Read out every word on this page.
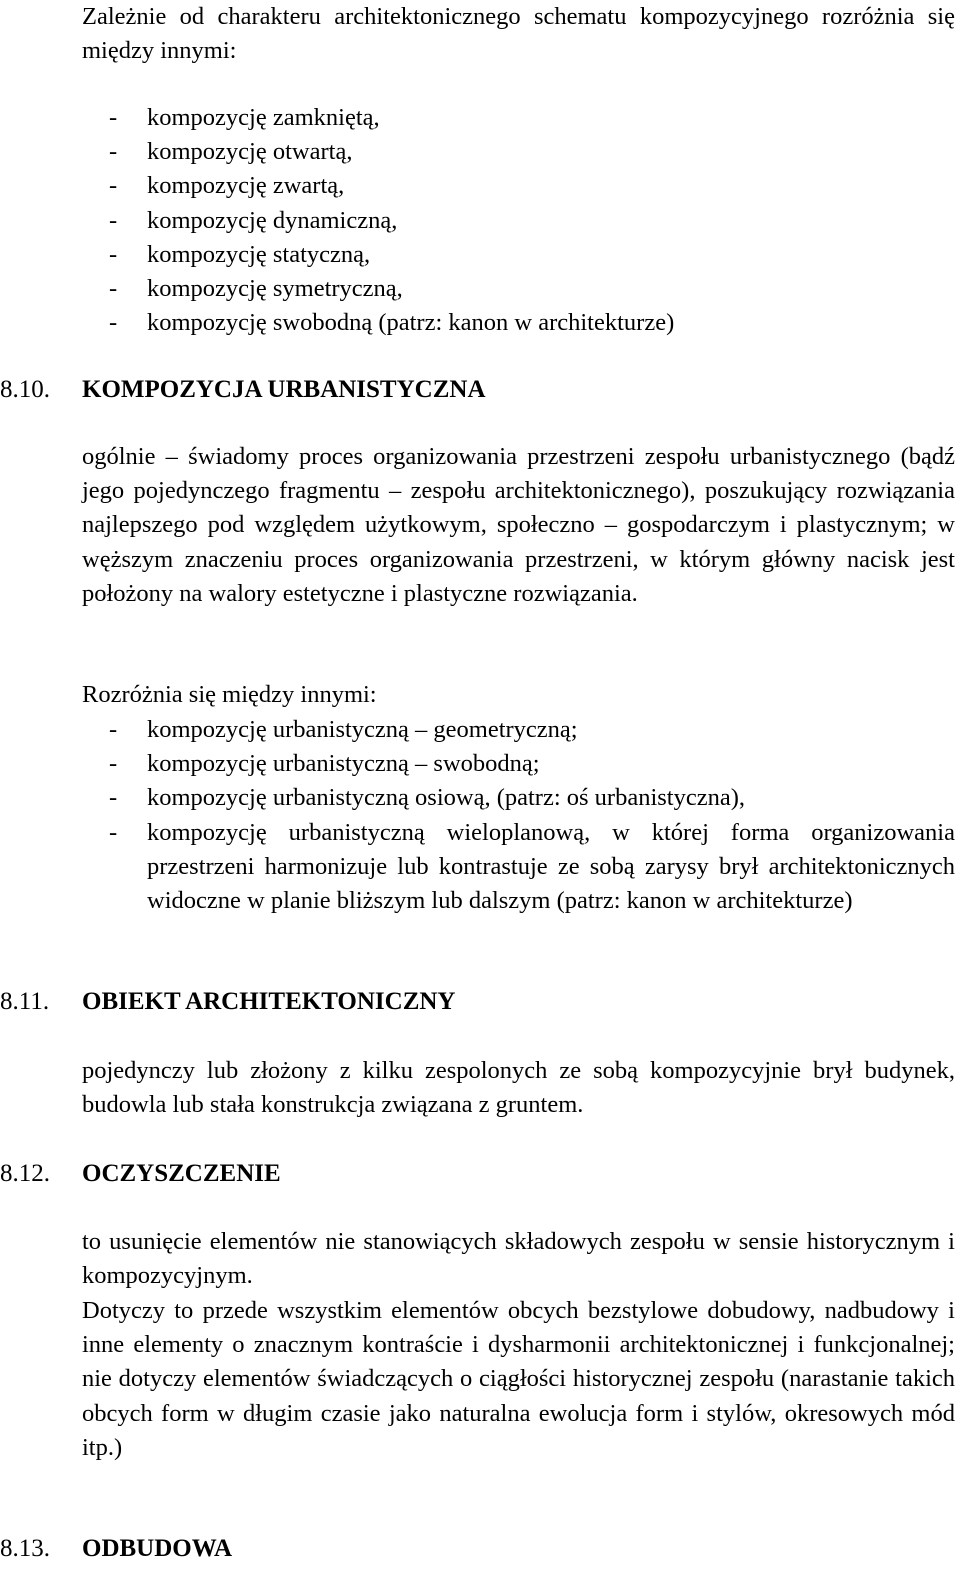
Zależnie od charakteru architektonicznego schematu kompozycyjnego rozróżnia się między innymi:
- kompozycję zamkniętą,
- kompozycję otwartą,
- kompozycję zwartą,
- kompozycję dynamiczną,
- kompozycję statyczną,
- kompozycję symetryczną,
- kompozycję swobodną (patrz: kanon w architekturze)
8.10. KOMPOZYCJA URBANISTYCZNA
ogólnie – świadomy proces organizowania przestrzeni zespołu urbanistycznego (bądź jego pojedynczego fragmentu – zespołu architektonicznego), poszukujący rozwiązania najlepszego pod względem użytkowym, społeczno – gospodarczym i plastycznym; w węższym znaczeniu proces organizowania przestrzeni, w którym główny nacisk jest położony na walory estetyczne i plastyczne rozwiązania.
Rozróżnia się między innymi:
- kompozycję urbanistyczną – geometryczną;
- kompozycję urbanistyczną – swobodną;
- kompozycję urbanistyczną osiową, (patrz: oś urbanistyczna),
- kompozycję urbanistyczną wieloplanową, w której forma organizowania przestrzeni harmonizuje lub kontrastuje ze sobą zarysy brył architektonicznych widoczne w planie bliższym lub dalszym (patrz: kanon w architekturze)
8.11. OBIEKT ARCHITEKTONICZNY
pojedynczy lub złożony z kilku zespolonych ze sobą kompozycyjnie brył budynek, budowla lub stała konstrukcja związana z gruntem.
8.12. OCZYSZCZENIE
to usunięcie elementów nie stanowiących składowych zespołu w sensie historycznym i kompozycyjnym.
Dotyczy to przede wszystkim elementów obcych bezstylowe dobudowy, nadbudowy i inne elementy o znacznym kontraście i dysharmonii architektonicznej i funkcjonalnej; nie dotyczy elementów świadczących o ciągłości historycznej zespołu (narastanie takich obcych form w długim czasie jako naturalna ewolucja form i stylów, okresowych mód itp.)
8.13. ODBUDOWA
